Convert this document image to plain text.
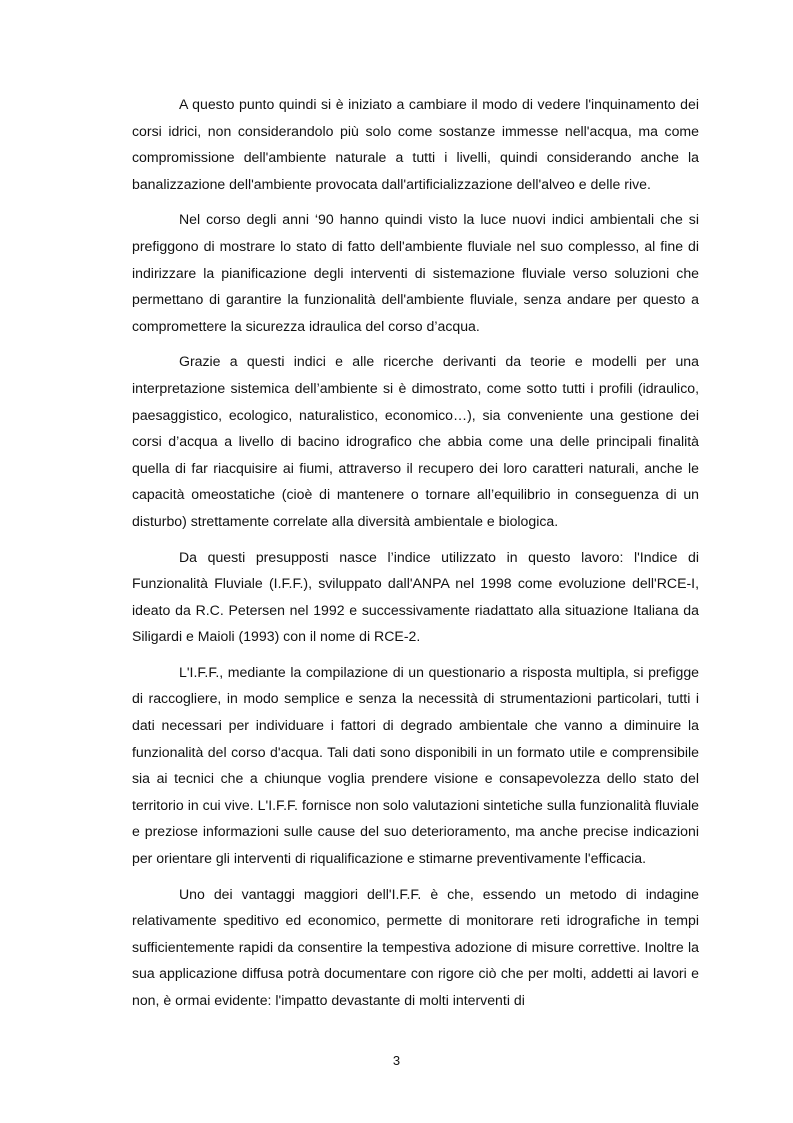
A questo punto quindi si è iniziato a cambiare il modo di vedere l'inquinamento dei corsi idrici, non considerandolo più solo come sostanze immesse nell'acqua, ma come compromissione dell'ambiente naturale a tutti i livelli, quindi considerando anche la banalizzazione dell'ambiente provocata dall'artificializzazione dell'alveo e delle rive.

Nel corso degli anni ‘90 hanno quindi visto la luce nuovi indici ambientali che si prefiggono di mostrare lo stato di fatto dell'ambiente fluviale nel suo complesso, al fine di indirizzare la pianificazione degli interventi di sistemazione fluviale verso soluzioni che permettano di garantire la funzionalità dell'ambiente fluviale, senza andare per questo a compromettere la sicurezza idraulica del corso d’acqua.

Grazie a questi indici e alle ricerche derivanti da teorie e modelli per una interpretazione sistemica dell’ambiente si è dimostrato, come sotto tutti i profili (idraulico, paesaggistico, ecologico, naturalistico, economico…), sia conveniente una gestione dei corsi d’acqua a livello di bacino idrografico che abbia come una delle principali finalità quella di far riacquisire ai fiumi, attraverso il recupero dei loro caratteri naturali, anche le capacità omeostatiche (cioè di mantenere o tornare all’equilibrio in conseguenza di un disturbo) strettamente correlate alla diversità ambientale e biologica.

Da questi presupposti nasce l’indice utilizzato in questo lavoro: l'Indice di Funzionalità Fluviale (I.F.F.), sviluppato dall'ANPA nel 1998 come evoluzione dell'RCE-I, ideato da R.C. Petersen nel 1992 e successivamente riadattato alla situazione Italiana da Siligardi e Maioli (1993) con il nome di RCE-2.

L'I.F.F., mediante la compilazione di un questionario a risposta multipla, si prefigge di raccogliere, in modo semplice e senza la necessità di strumentazioni particolari, tutti i dati necessari per individuare i fattori di degrado ambientale che vanno a diminuire la funzionalità del corso d'acqua. Tali dati sono disponibili in un formato utile e comprensibile sia ai tecnici che a chiunque voglia prendere visione e consapevolezza dello stato del territorio in cui vive. L'I.F.F. fornisce non solo valutazioni sintetiche sulla funzionalità fluviale e preziose informazioni sulle cause del suo deterioramento, ma anche precise indicazioni per orientare gli interventi di riqualificazione e stimarne preventivamente l'efficacia.

Uno dei vantaggi maggiori dell'I.F.F. è che, essendo un metodo di indagine relativamente speditivo ed economico, permette di monitorare reti idrografiche in tempi sufficientemente rapidi da consentire la tempestiva adozione di misure correttive. Inoltre la sua applicazione diffusa potrà documentare con rigore ciò che per molti, addetti ai lavori e non, è ormai evidente: l'impatto devastante di molti interventi di

3
